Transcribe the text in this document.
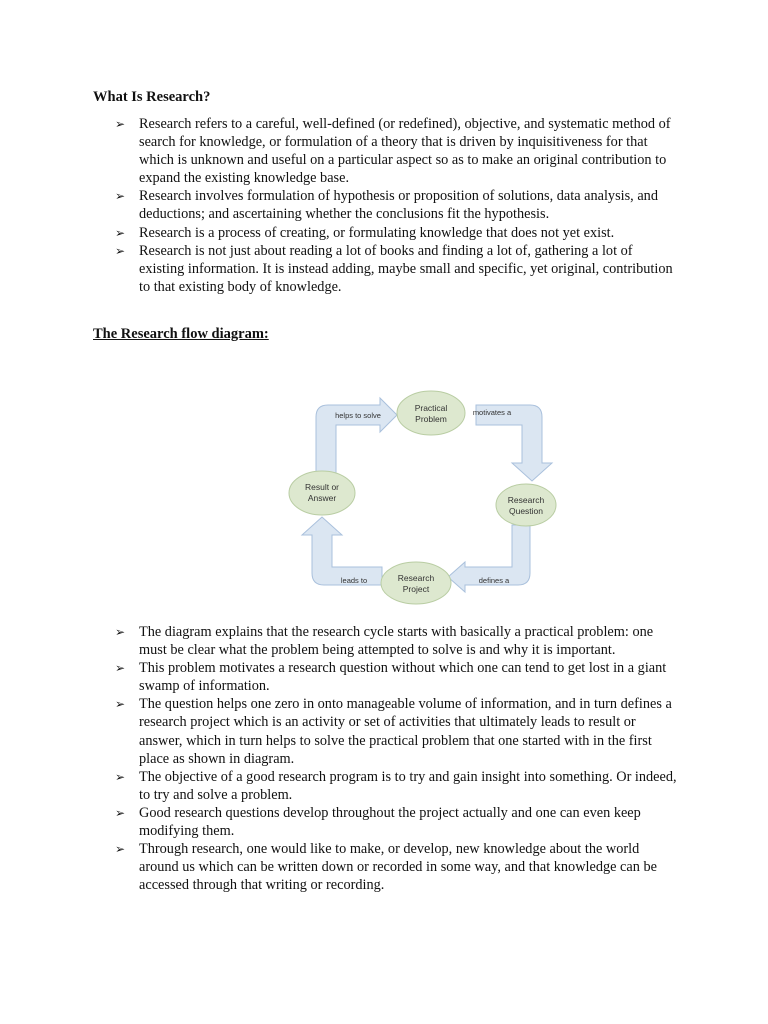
What Is Research?
➢ Research refers to a careful, well-defined (or redefined), objective, and systematic method of search for knowledge, or formulation of a theory that is driven by inquisitiveness for that which is unknown and useful on a particular aspect so as to make an original contribution to expand the existing knowledge base.
➢ Research involves formulation of hypothesis or proposition of solutions, data analysis, and deductions; and ascertaining whether the conclusions fit the hypothesis.
➢ Research is a process of creating, or formulating knowledge that does not yet exist.
➢ Research is not just about reading a lot of books and finding a lot of, gathering a lot of existing information. It is instead adding, maybe small and specific, yet original, contribution to that existing body of knowledge.
The Research flow diagram:
Practical
Problem
Research
Question
Research
Project
Result or
Answer
helps to solve	motivates a
defines a
leads to
➢ The diagram explains that the research cycle starts with basically a practical problem: one must be clear what the problem being attempted to solve is and why it is important.
➢ This problem motivates a research question without which one can tend to get lost in a giant swamp of information.
➢ The question helps one zero in onto manageable volume of information, and in turn defines a research project which is an activity or set of activities that ultimately leads to result or answer, which in turn helps to solve the practical problem that one started with in the first place as shown in diagram.
➢ The objective of a good research program is to try and gain insight into something. Or indeed, to try and solve a problem.
➢ Good research questions develop throughout the project actually and one can even keep modifying them.
➢ Through research, one would like to make, or develop, new knowledge about the world around us which can be written down or recorded in some way, and that knowledge can be accessed through that writing or recording.
